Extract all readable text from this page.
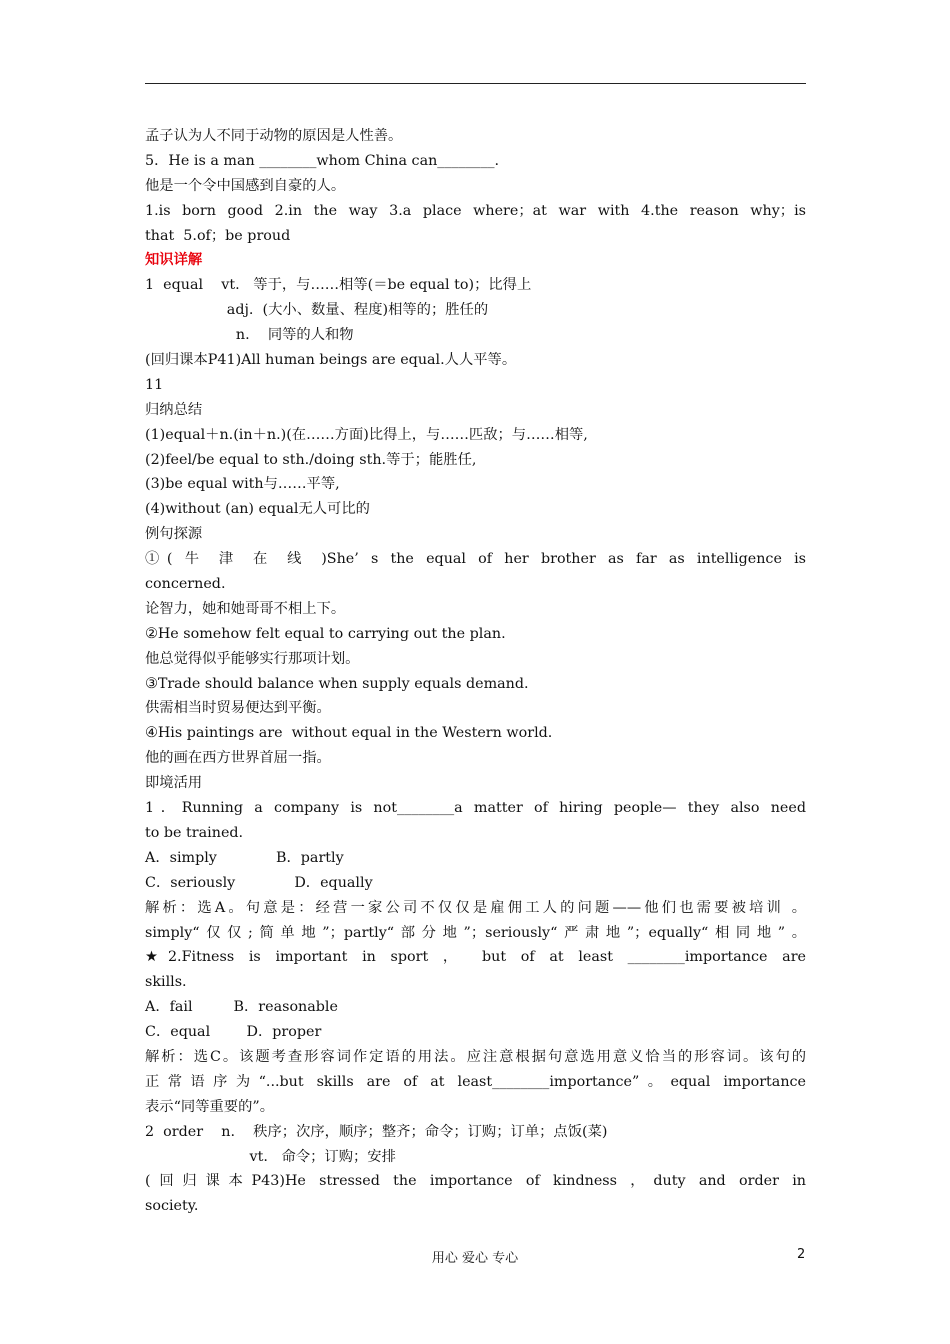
孟子认为人不同于动物的原因是人性善。
5．He is a man ________whom China can________.
他是一个令中国感到自豪的人。
1.is born good 2.in the way 3.a place where；at war with 4.the reason why；is
that  5.of；be proud
知识详解
1  equal    vt.   等于，与……相等(＝be equal to)；比得上
adj.  (大小、数量、程度)相等的；胜任的
n.    同等的人和物
(回归课本P41)All human beings are equal.人人平等。
11
归纳总结
(1)equal＋n.(in＋n.)(在……方面)比得上，与……匹敌；与……相等,
(2)feel/be equal to sth./doing sth.等于；能胜任,
(3)be equal with与……平等,
(4)without (an) equal无人可比的
例句探源
①( 牛 津 在 线 )She’ s the equal of her brother as far as intelligence is
concerned.
论智力，她和她哥哥不相上下。
②He somehow felt equal to carrying out the plan.
他总觉得似乎能够实行那项计划。
③Trade should balance when supply equals demand.
供需相当时贸易便达到平衡。
④His paintings are  without equal in the Western world.
他的画在西方世界首屈一指。
即境活用
1．Running a company is not________a matter of hiring people— they also need
to be trained.
A．simply             B．partly
C．seriously             D．equally
解析：选A。句意是：经营一家公司不仅仅是雇佣工人的问题——他们也需要被培训 。
simply“仅仅;简单地”；partly“部分地”；seriously“严肃地”；equally“相同地”。
★2.Fitness is important in sport ， but of at least ________importance are
skills.
A．fail         B．reasonable
C．equal        D．proper
解析：选C。该题考查形容词作定语的用法。应注意根据句意选用意义恰当的形容词。该句的
正常语序为“...but skills are of at least________importance”。equal importance
表示“同等重要的”。
2  order    n.    秩序；次序，顺序；整齐；命令；订购；订单；点饭(菜)
vt.   命令；订购；安排
(回归课本P43)He stressed the importance of kindness ，duty and order in
society.
用心 爱心 专心	2
